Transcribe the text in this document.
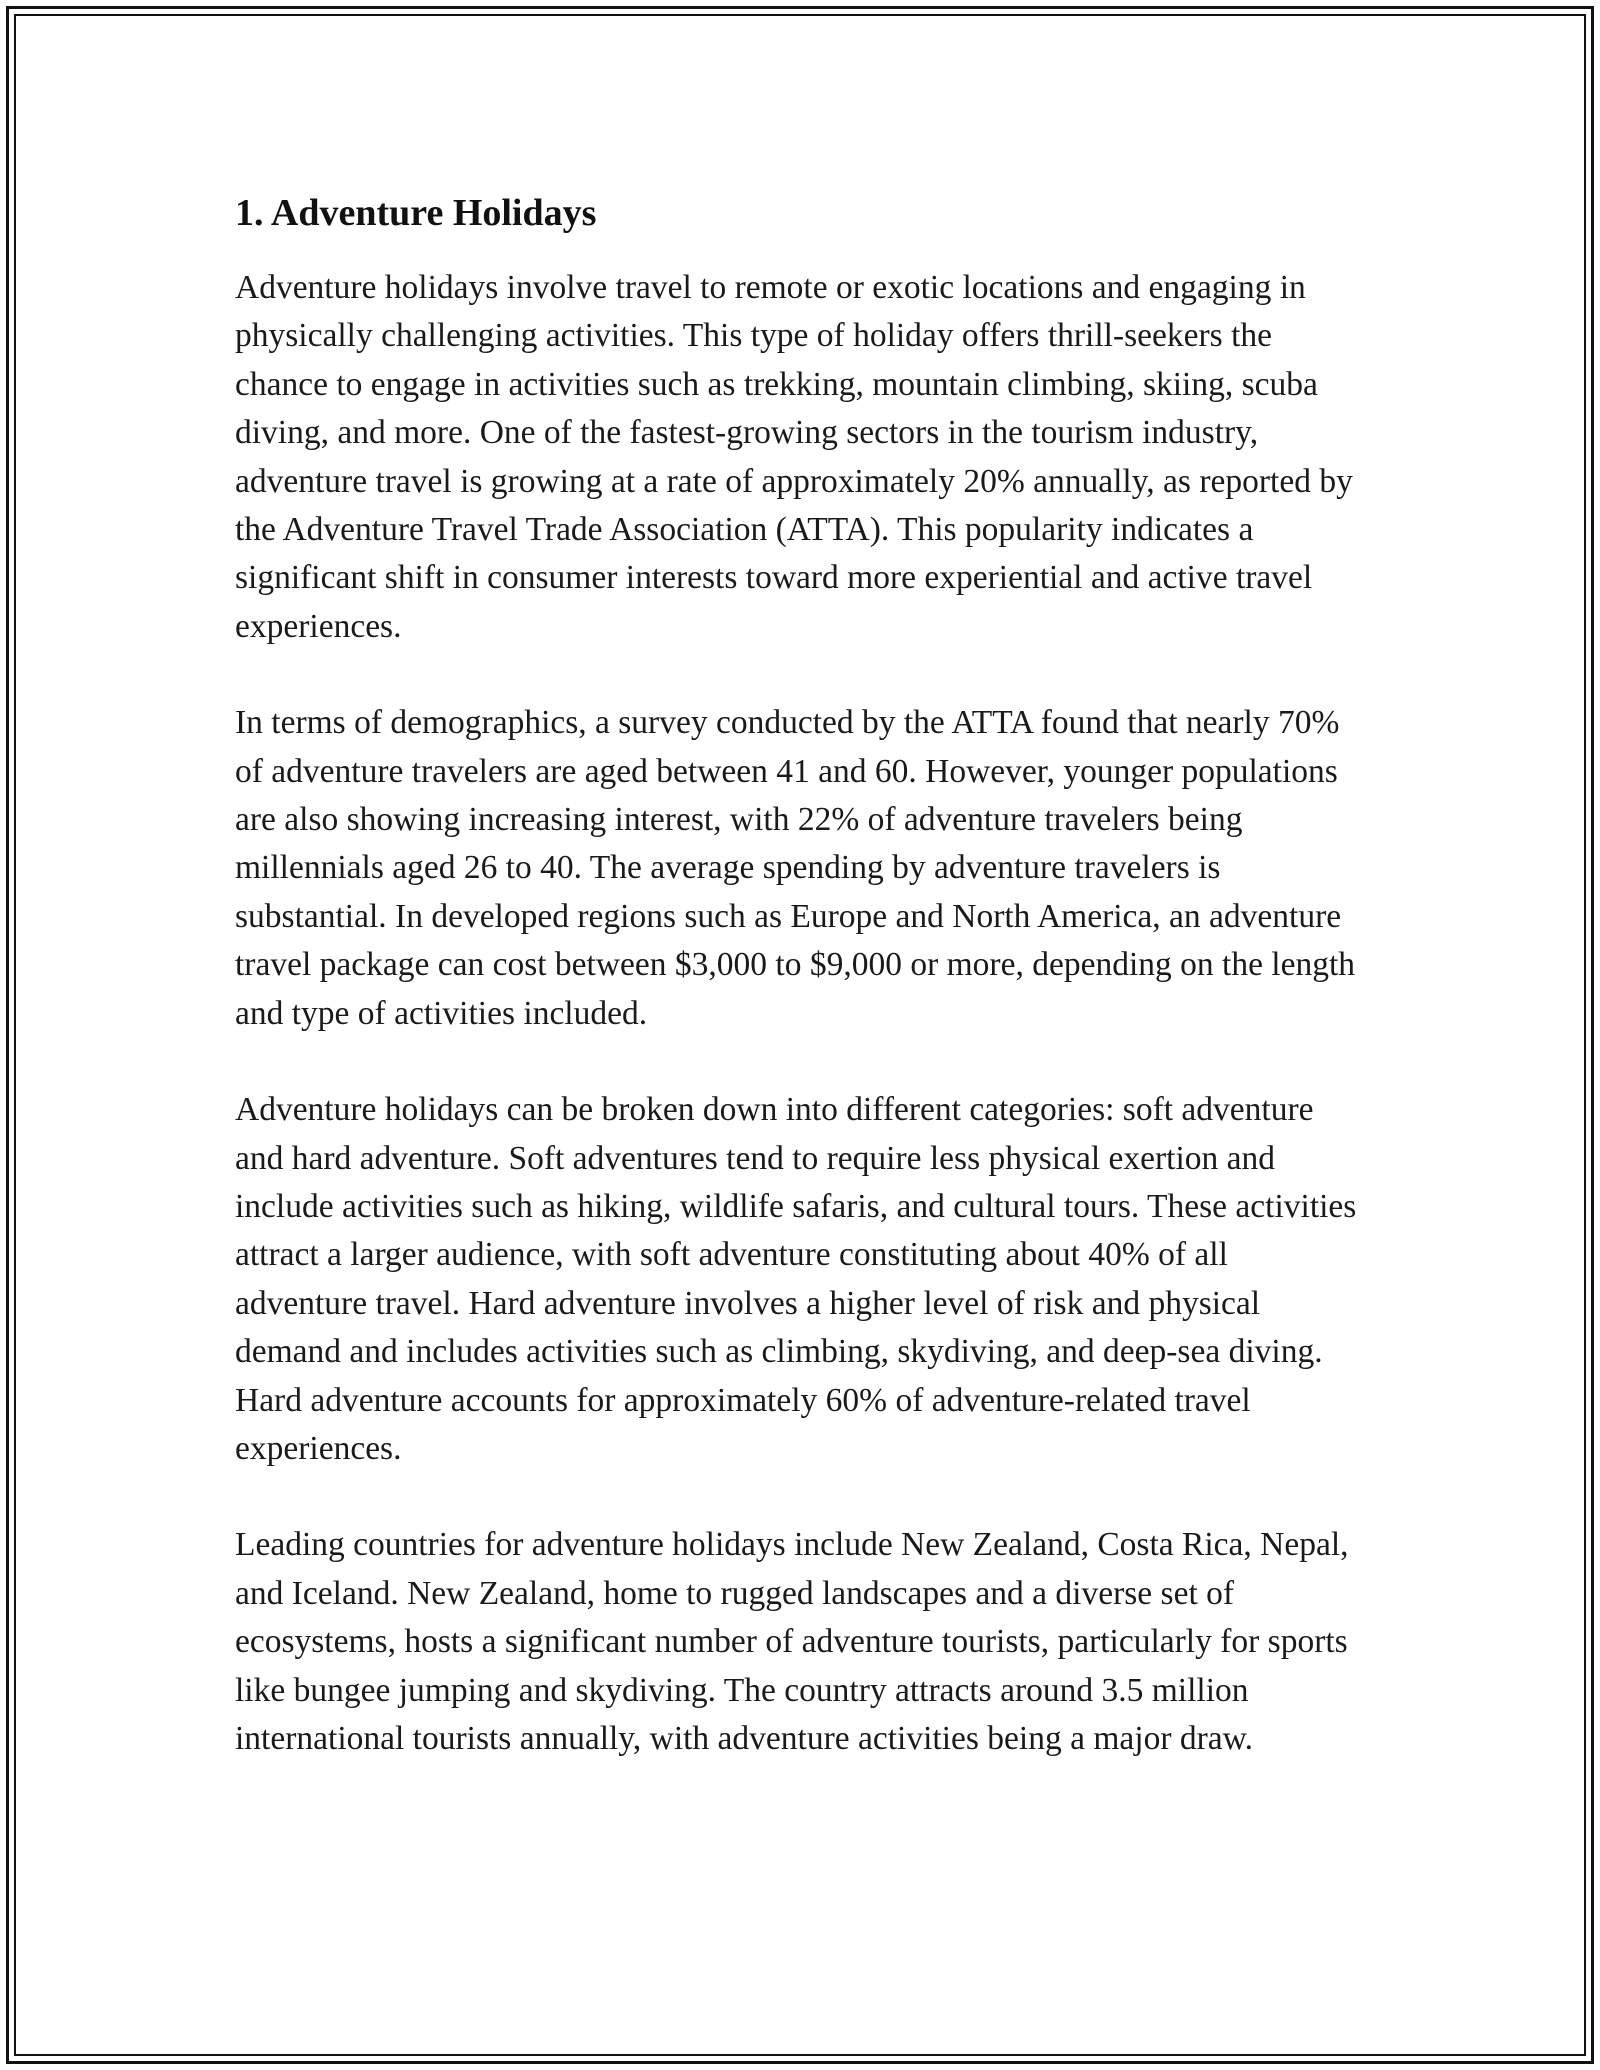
1. Adventure Holidays

Adventure holidays involve travel to remote or exotic locations and engaging in physically challenging activities. This type of holiday offers thrill-seekers the chance to engage in activities such as trekking, mountain climbing, skiing, scuba diving, and more. One of the fastest-growing sectors in the tourism industry, adventure travel is growing at a rate of approximately 20% annually, as reported by the Adventure Travel Trade Association (ATTA). This popularity indicates a significant shift in consumer interests toward more experiential and active travel experiences.

In terms of demographics, a survey conducted by the ATTA found that nearly 70% of adventure travelers are aged between 41 and 60. However, younger populations are also showing increasing interest, with 22% of adventure travelers being millennials aged 26 to 40. The average spending by adventure travelers is substantial. In developed regions such as Europe and North America, an adventure travel package can cost between $3,000 to $9,000 or more, depending on the length and type of activities included.

Adventure holidays can be broken down into different categories: soft adventure and hard adventure. Soft adventures tend to require less physical exertion and include activities such as hiking, wildlife safaris, and cultural tours. These activities attract a larger audience, with soft adventure constituting about 40% of all adventure travel. Hard adventure involves a higher level of risk and physical demand and includes activities such as climbing, skydiving, and deep-sea diving. Hard adventure accounts for approximately 60% of adventure-related travel experiences.

Leading countries for adventure holidays include New Zealand, Costa Rica, Nepal, and Iceland. New Zealand, home to rugged landscapes and a diverse set of ecosystems, hosts a significant number of adventure tourists, particularly for sports like bungee jumping and skydiving. The country attracts around 3.5 million international tourists annually, with adventure activities being a major draw.
